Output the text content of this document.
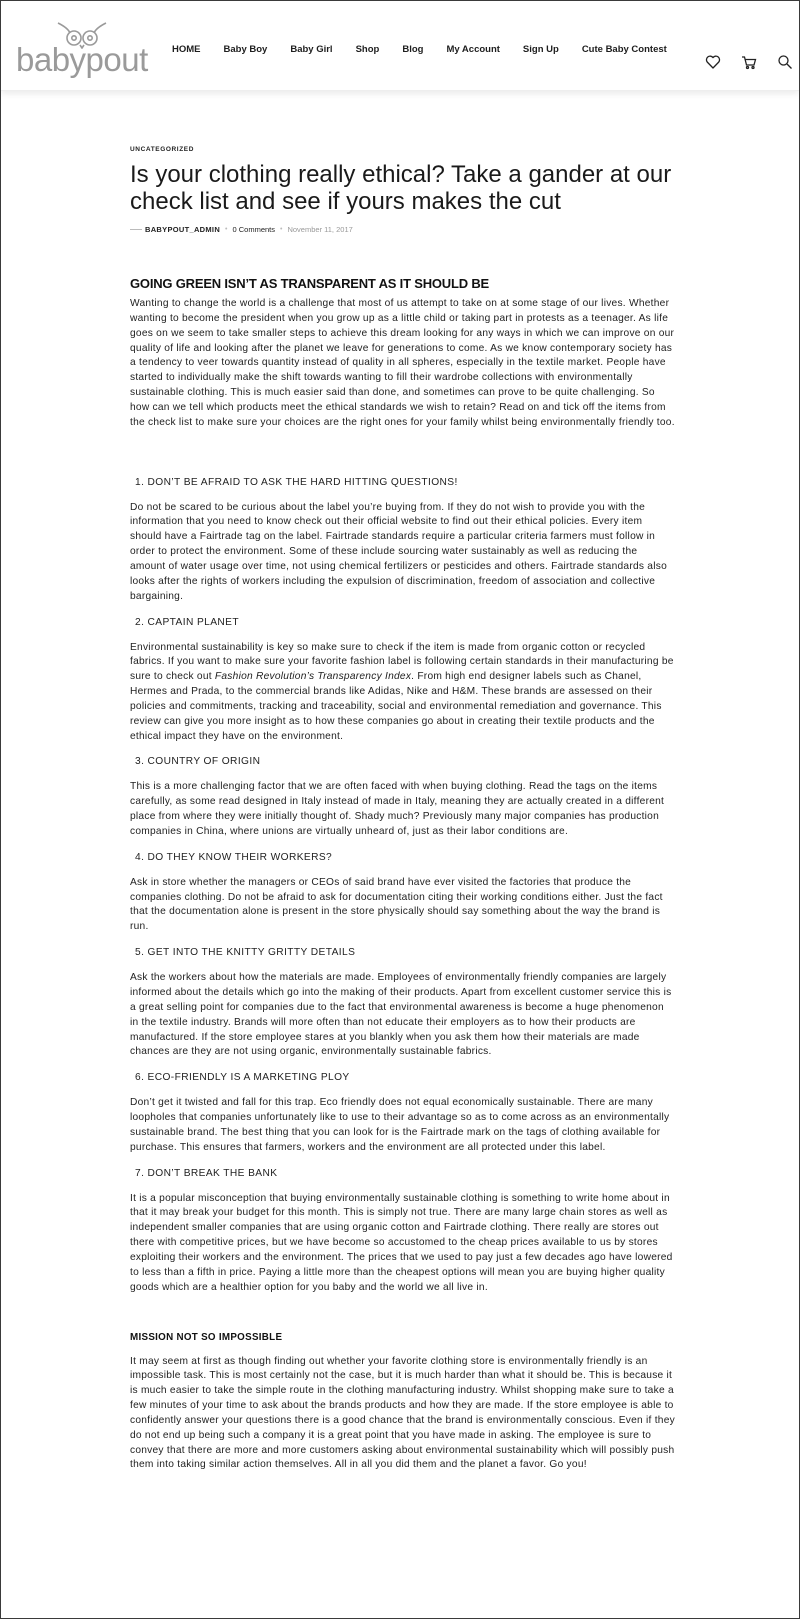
babypout	HOME Baby Boy Baby Girl Shop Blog My Account Sign Up Cute Baby Contest
UNCATEGORIZED
Is your clothing really ethical? Take a gander at our check list and see if yours makes the cut
BABYPOUT_ADMIN • 0 Comments • November 11, 2017
GOING GREEN ISN’T AS TRANSPARENT AS IT SHOULD BE

Wanting to change the world is a challenge that most of us attempt to take on at some stage of our lives. Whether wanting to become the president when you grow up as a little child or taking part in protests as a teenager. As life goes on we seem to take smaller steps to achieve this dream looking for any ways in which we can improve on our quality of life and looking after the planet we leave for generations to come. As we know contemporary society has a tendency to veer towards quantity instead of quality in all spheres, especially in the textile market. People have started to individually make the shift towards wanting to fill their wardrobe collections with environmentally sustainable clothing. This is much easier said than done, and sometimes can prove to be quite challenging. So how can we tell which products meet the ethical standards we wish to retain? Read on and tick off the items from the check list to make sure your choices are the right ones for your family whilst being environmentally friendly too.

1. DON’T BE AFRAID TO ASK THE HARD HITTING QUESTIONS!

Do not be scared to be curious about the label you’re buying from. If they do not wish to provide you with the information that you need to know check out their official website to find out their ethical policies. Every item should have a Fairtrade tag on the label. Fairtrade standards require a particular criteria farmers must follow in order to protect the environment. Some of these include sourcing water sustainably as well as reducing the amount of water usage over time, not using chemical fertilizers or pesticides and others. Fairtrade standards also looks after the rights of workers including the expulsion of discrimination, freedom of association and collective bargaining.

2. CAPTAIN PLANET

Environmental sustainability is key so make sure to check if the item is made from organic cotton or recycled fabrics. If you want to make sure your favorite fashion label is following certain standards in their manufacturing be sure to check out Fashion Revolution’s Transparency Index. From high end designer labels such as Chanel, Hermes and Prada, to the commercial brands like Adidas, Nike and H&M. These brands are assessed on their policies and commitments, tracking and traceability, social and environmental remediation and governance. This review can give you more insight as to how these companies go about in creating their textile products and the ethical impact they have on the environment.

3. COUNTRY OF ORIGIN

This is a more challenging factor that we are often faced with when buying clothing. Read the tags on the items carefully, as some read designed in Italy instead of made in Italy, meaning they are actually created in a different place from where they were initially thought of. Shady much? Previously many major companies has production companies in China, where unions are virtually unheard of, just as their labor conditions are.

4. DO THEY KNOW THEIR WORKERS?

Ask in store whether the managers or CEOs of said brand have ever visited the factories that produce the companies clothing. Do not be afraid to ask for documentation citing their working conditions either. Just the fact that the documentation alone is present in the store physically should say something about the way the brand is run.

5. GET INTO THE KNITTY GRITTY DETAILS

Ask the workers about how the materials are made. Employees of environmentally friendly companies are largely informed about the details which go into the making of their products. Apart from excellent customer service this is a great selling point for companies due to the fact that environmental awareness is become a huge phenomenon in the textile industry. Brands will more often than not educate their employers as to how their products are manufactured. If the store employee stares at you blankly when you ask them how their materials are made chances are they are not using organic, environmentally sustainable fabrics.

6. ECO-FRIENDLY IS A MARKETING PLOY

Don’t get it twisted and fall for this trap. Eco friendly does not equal economically sustainable. There are many loopholes that companies unfortunately like to use to their advantage so as to come across as an environmentally sustainable brand. The best thing that you can look for is the Fairtrade mark on the tags of clothing available for purchase. This ensures that farmers, workers and the environment are all protected under this label.

7. DON’T BREAK THE BANK

It is a popular misconception that buying environmentally sustainable clothing is something to write home about in that it may break your budget for this month. This is simply not true. There are many large chain stores as well as independent smaller companies that are using organic cotton and Fairtrade clothing. There really are stores out there with competitive prices, but we have become so accustomed to the cheap prices available to us by stores exploiting their workers and the environment. The prices that we used to pay just a few decades ago have lowered to less than a fifth in price. Paying a little more than the cheapest options will mean you are buying higher quality goods which are a healthier option for you baby and the world we all live in.

MISSION NOT SO IMPOSSIBLE

It may seem at first as though finding out whether your favorite clothing store is environmentally friendly is an impossible task. This is most certainly not the case, but it is much harder than what it should be. This is because it is much easier to take the simple route in the clothing manufacturing industry. Whilst shopping make sure to take a few minutes of your time to ask about the brands products and how they are made. If the store employee is able to confidently answer your questions there is a good chance that the brand is environmentally conscious. Even if they do not end up being such a company it is a great point that you have made in asking. The employee is sure to convey that there are more and more customers asking about environmental sustainability which will possibly push them into taking similar action themselves. All in all you did them and the planet a favor. Go you!
